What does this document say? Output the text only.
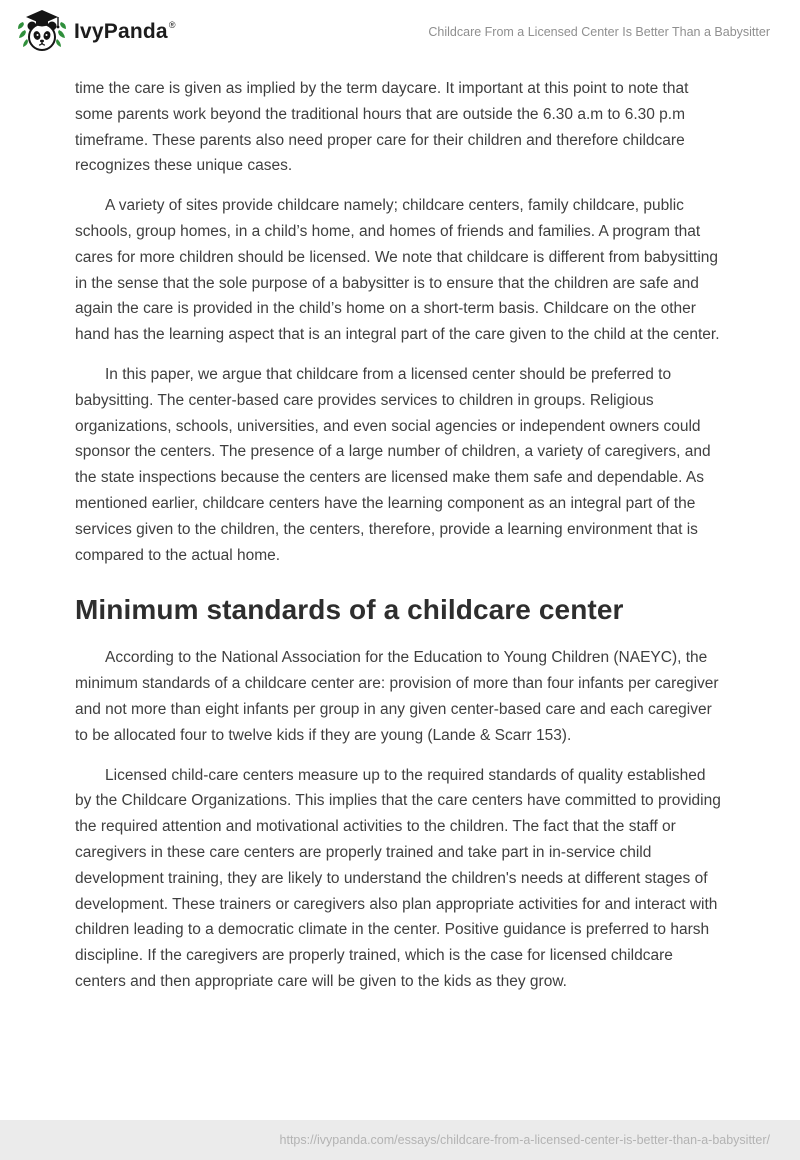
IvyPanda ®	Childcare From a Licensed Center Is Better Than a Babysitter

time the care is given as implied by the term daycare. It important at this point to note that some parents work beyond the traditional hours that are outside the 6.30 a.m to 6.30 p.m timeframe. These parents also need proper care for their children and therefore childcare recognizes these unique cases.

A variety of sites provide childcare namely; childcare centers, family childcare, public schools, group homes, in a child’s home, and homes of friends and families. A program that cares for more children should be licensed. We note that childcare is different from babysitting in the sense that the sole purpose of a babysitter is to ensure that the children are safe and again the care is provided in the child’s home on a short-term basis. Childcare on the other hand has the learning aspect that is an integral part of the care given to the child at the center.

In this paper, we argue that childcare from a licensed center should be preferred to babysitting. The center-based care provides services to children in groups. Religious organizations, schools, universities, and even social agencies or independent owners could sponsor the centers. The presence of a large number of children, a variety of caregivers, and the state inspections because the centers are licensed make them safe and dependable. As mentioned earlier, childcare centers have the learning component as an integral part of the services given to the children, the centers, therefore, provide a learning environment that is compared to the actual home.

Minimum standards of a childcare center

According to the National Association for the Education to Young Children (NAEYC), the minimum standards of a childcare center are: provision of more than four infants per caregiver and not more than eight infants per group in any given center-based care and each caregiver to be allocated four to twelve kids if they are young (Lande & Scarr 153).

Licensed child-care centers measure up to the required standards of quality established by the Childcare Organizations. This implies that the care centers have committed to providing the required attention and motivational activities to the children. The fact that the staff or caregivers in these care centers are properly trained and take part in in-service child development training, they are likely to understand the children's needs at different stages of development. These trainers or caregivers also plan appropriate activities for and interact with children leading to a democratic climate in the center. Positive guidance is preferred to harsh discipline. If the caregivers are properly trained, which is the case for licensed childcare centers and then appropriate care will be given to the kids as they grow.

https://ivypanda.com/essays/childcare-from-a-licensed-center-is-better-than-a-babysitter/
